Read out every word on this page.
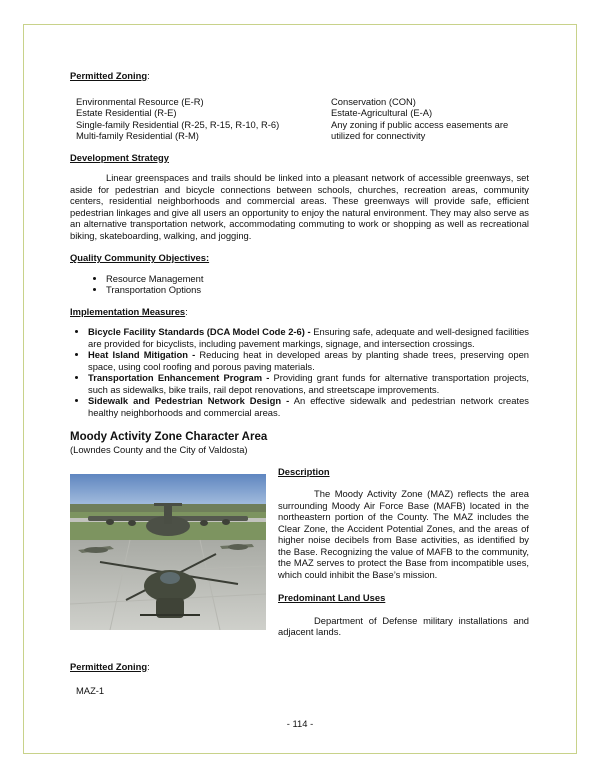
Permitted Zoning:
Environmental Resource (E-R)
Estate Residential (R-E)
Single-family Residential (R-25, R-15, R-10, R-6)
Multi-family Residential (R-M)
Conservation (CON)
Estate-Agricultural (E-A)
Any zoning if public access easements are
utilized for connectivity
Development Strategy

Linear greenspaces and trails should be linked into a pleasant network of accessible greenways, set aside for pedestrian and bicycle connections between schools, churches, recreation areas, community centers, residential neighborhoods and commercial areas. These greenways will provide safe, efficient pedestrian linkages and give all users an opportunity to enjoy the natural environment. They may also serve as an alternative transportation network, accommodating commuting to work or shopping as well as recreational biking, skateboarding, walking, and jogging.

Quality Community Objectives:
• Resource Management
• Transportation Options
Implementation Measures:
• Bicycle Facility Standards (DCA Model Code 2-6) - Ensuring safe, adequate and well-designed facilities are provided for bicyclists, including pavement markings, signage, and intersection crossings.
• Heat Island Mitigation - Reducing heat in developed areas by planting shade trees, preserving open space, using cool roofing and porous paving materials.
• Transportation Enhancement Program - Providing grant funds for alternative transportation projects, such as sidewalks, bike trails, rail depot renovations, and streetscape improvements.
• Sidewalk and Pedestrian Network Design - An effective sidewalk and pedestrian network creates healthy neighborhoods and commercial areas.
Moody Activity Zone Character Area
(Lowndes County and the City of Valdosta)
Description

The Moody Activity Zone (MAZ) reflects the area surrounding Moody Air Force Base (MAFB) located in the northeastern portion of the County. The MAZ includes the Clear Zone, the Accident Potential Zones, and the areas of higher noise decibels from Base activities, as identified by the Base. Recognizing the value of MAFB to the community, the MAZ serves to protect the Base from incompatible uses, which could inhibit the Base’s mission.

Predominant Land Uses

Department of Defense military installations and adjacent lands.

Permitted Zoning:
MAZ-1
- 114 -
